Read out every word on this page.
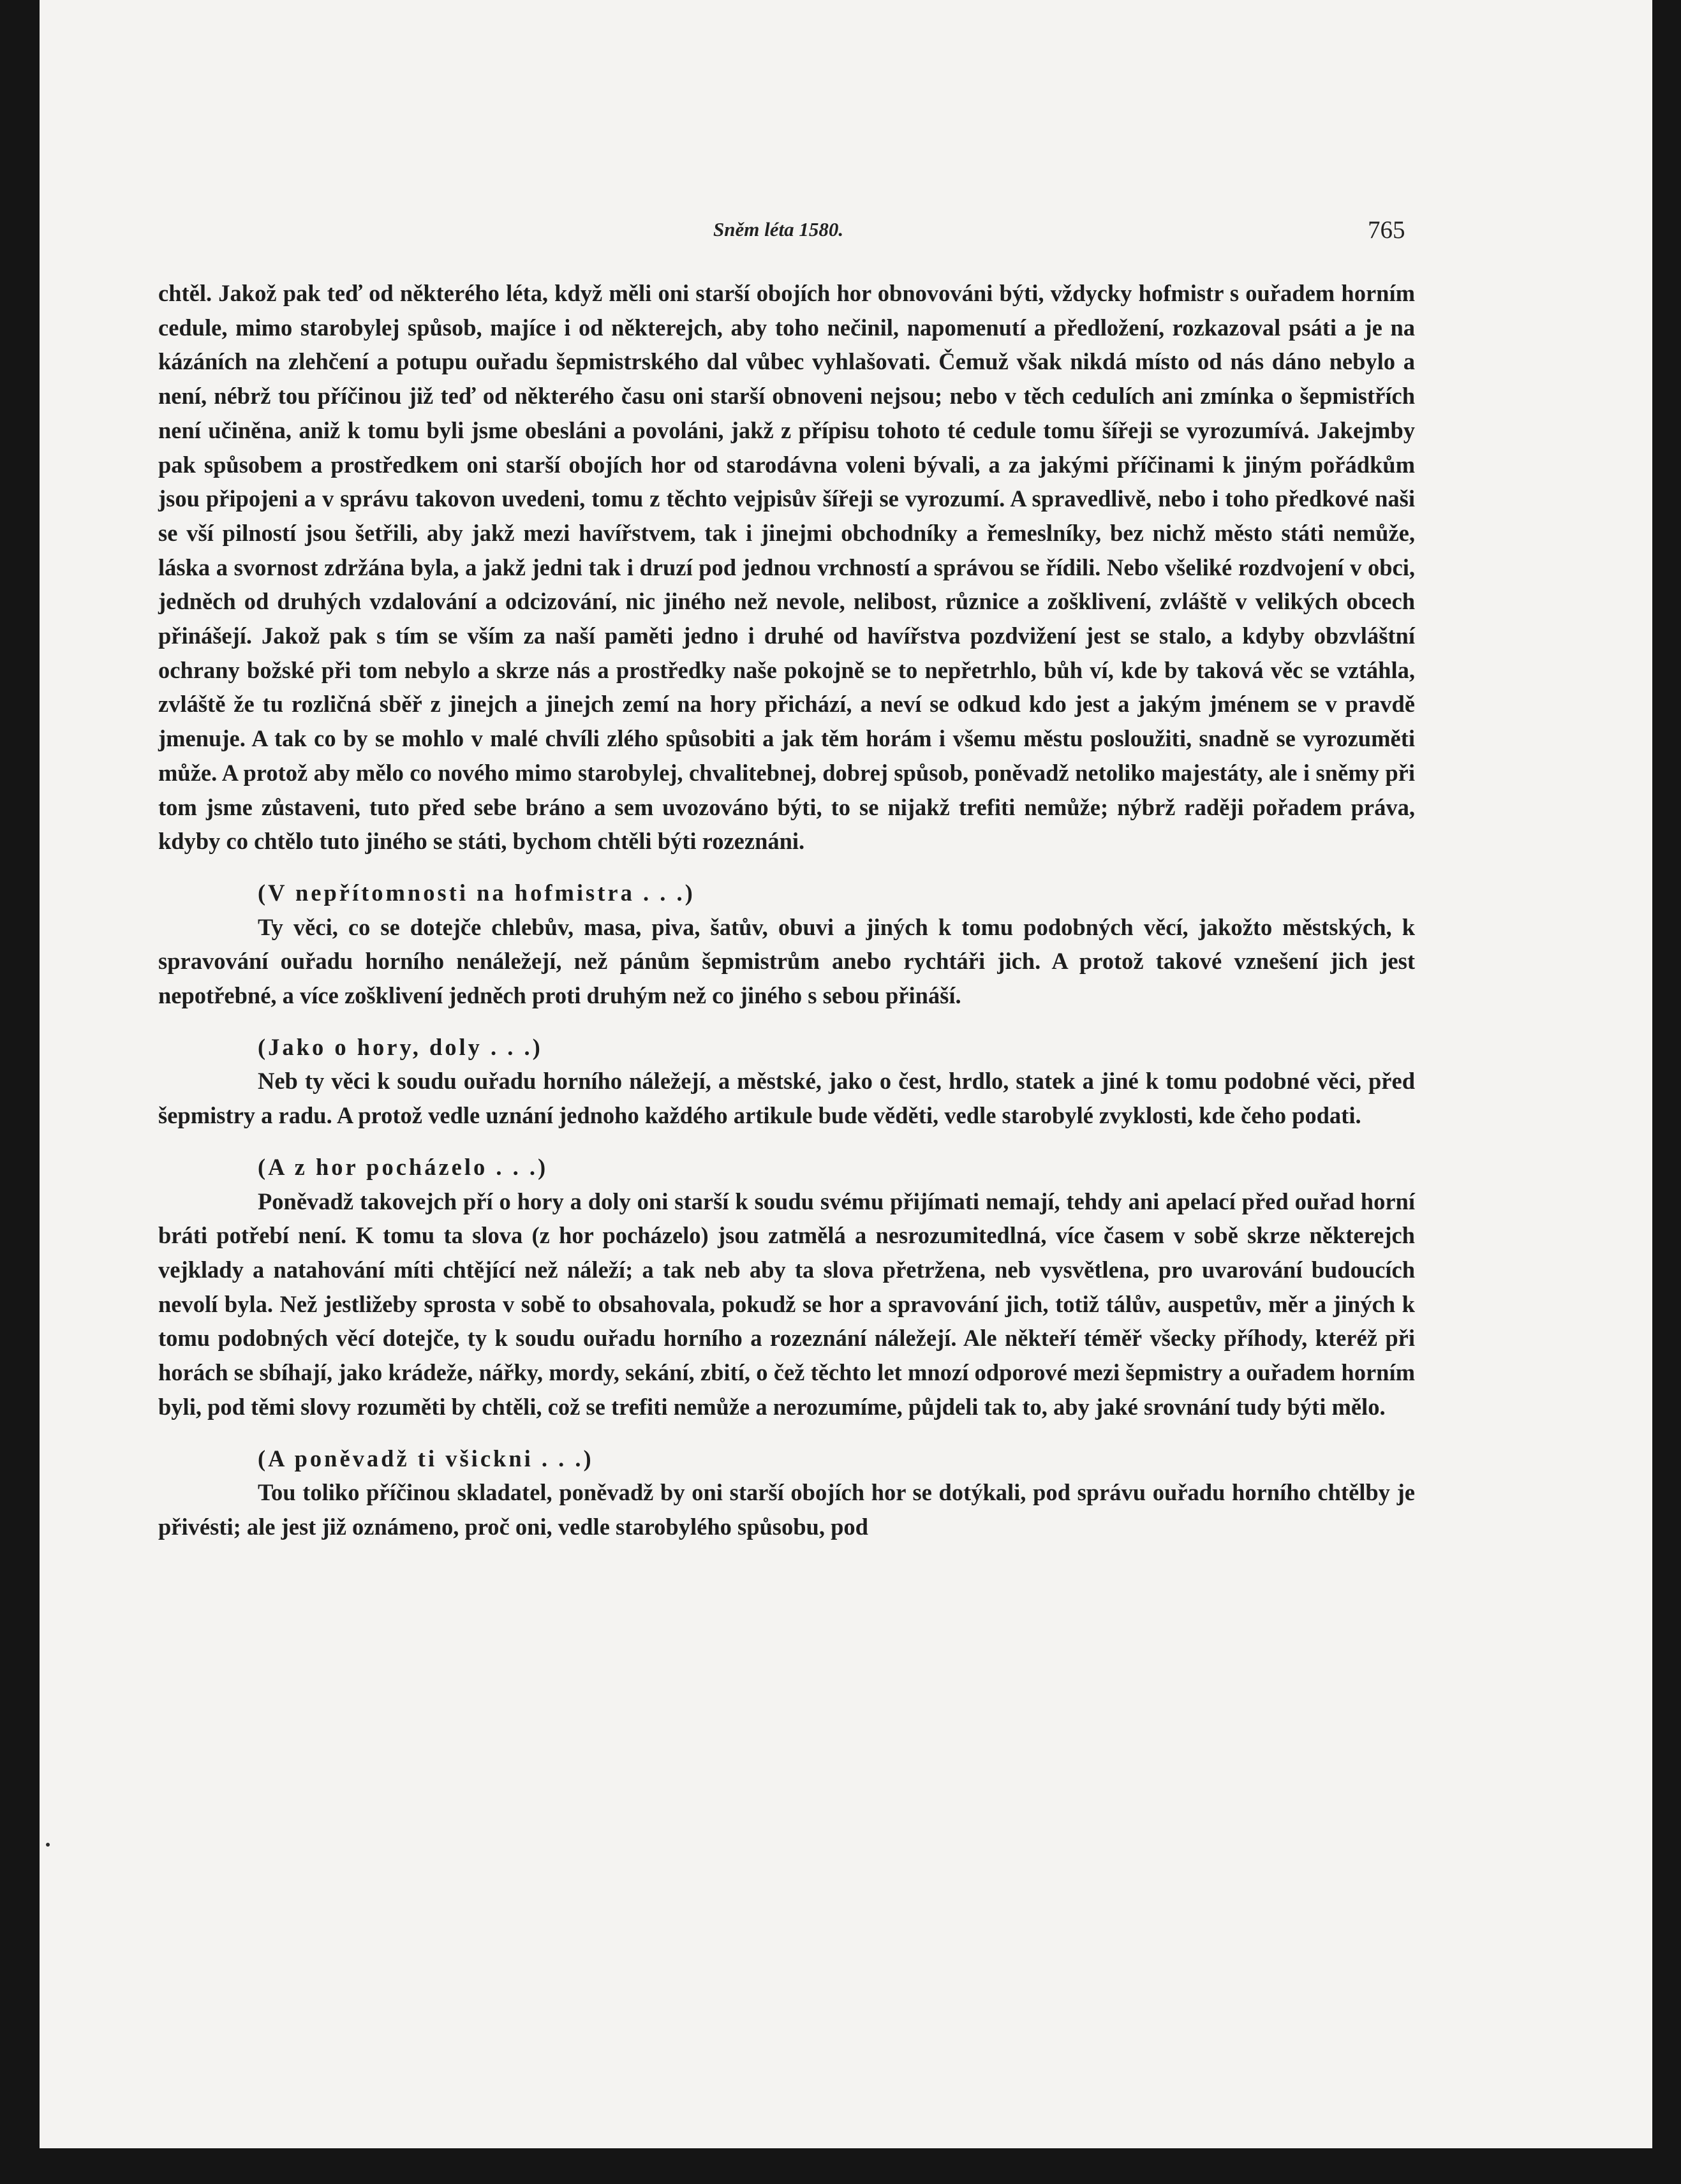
Sněm léta 1580.	765

chtěl. Jakož pak teď od některého léta, když měli oni starší obojích hor obnovováni býti, vždycky hofmistr s ouřadem horním cedule, mimo starobylej spůsob, majíce i od některejch, aby toho nečinil, napomenutí a předložení, rozkazoval psáti a je na kázáních na zlehčení a potupu ouřadu šepmistrského dal vůbec vyhlašovati. Čemuž však nikdá místo od nás dáno nebylo a není, nébrž tou příčinou již teď od některého času oni starší obnoveni nejsou; nebo v těch cedulích ani zmínka o šepmistřích není učiněna, aniž k tomu byli jsme obesláni a povoláni, jakž z přípisu tohoto té cedule tomu šířeji se vyrozumívá. Jakejmby pak spůsobem a prostředkem oni starší obojích hor od starodávna voleni bývali, a za jakými příčinami k jiným pořádkům jsou připojeni a v správu takovon uvedeni, tomu z těchto vejpisův šířeji se vyrozumí. A spravedlivě, nebo i toho předkové naši se vší pilností jsou šetřili, aby jakž mezi havířstvem, tak i jinejmi obchodníky a řemeslníky, bez nichž město státi nemůže, láska a svornost zdržána byla, a jakž jedni tak i druzí pod jednou vrchností a správou se řídili. Nebo všeliké rozdvojení v obci, jedněch od druhých vzdalování a odcizování, nic jiného než nevole, nelibost, různice a zošklivení, zvláště v velikých obcech přinášejí. Jakož pak s tím se vším za naší paměti jedno i druhé od havířstva pozdvižení jest se stalo, a kdyby obzvláštní ochrany božské při tom nebylo a skrze nás a prostředky naše pokojně se to nepřetrhlo, bůh ví, kde by taková věc se vztáhla, zvláště že tu rozličná sběř z jinejch a jinejch zemí na hory přichází, a neví se odkud kdo jest a jakým jménem se v pravdě jmenuje. A tak co by se mohlo v malé chvíli zlého spůsobiti a jak těm horám i všemu městu posloužiti, snadně se vyrozuměti může. A protož aby mělo co nového mimo starobylej, chvalitebnej, dobrej spůsob, poněvadž netoliko majestáty, ale i sněmy při tom jsme zůstaveni, tuto před sebe bráno a sem uvozováno býti, to se nijakž trefiti nemůže; nýbrž raději pořadem práva, kdyby co chtělo tuto jiného se státi, bychom chtěli býti rozeznáni.

(V nepřítomnosti na hofmistra . . .)

Ty věci, co se dotejče chlebův, masa, piva, šatův, obuvi a jiných k tomu podobných věcí, jakožto městských, k spravování ouřadu horního nenáležejí, než pánům šepmistrům anebo rychtáři jich. A protož takové vznešení jich jest nepotřebné, a více zošklivení jedněch proti druhým než co jiného s sebou přináší.

(Jako o hory, doly . . .)

Neb ty věci k soudu ouřadu horního náležejí, a městské, jako o čest, hrdlo, statek a jiné k tomu podobné věci, před šepmistry a radu. A protož vedle uznání jednoho každého artikule bude věděti, vedle starobylé zvyklosti, kde čeho podati.

(A z hor pocházelo . . .)

Poněvadž takovejch pří o hory a doly oni starší k soudu svému přijímati nemají, tehdy ani apelací před ouřad horní bráti potřebí není. K tomu ta slova (z hor pocházelo) jsou zatmělá a nesrozumitedlná, více časem v sobě skrze některejch vejklady a natahování míti chtějící než náleží; a tak neb aby ta slova přetržena, neb vysvětlena, pro uvarování budoucích nevolí byla. Než jestližeby sprosta v sobě to obsahovala, pokudž se hor a spravování jich, totiž tálův, auspetův, měr a jiných k tomu podobných věcí dotejče, ty k soudu ouřadu horního a rozeznání náležejí. Ale někteří téměř všecky příhody, kteréž při horách se sbíhají, jako krádeže, nářky, mordy, sekání, zbití, o čež těchto let mnozí odporové mezi šepmistry a ouřadem horním byli, pod těmi slovy rozuměti by chtěli, což se trefiti nemůže a nerozumíme, půjdeli tak to, aby jaké srovnání tudy býti mělo.

(A poněvadž ti všickni . . .)

Tou toliko příčinou skladatel, poněvadž by oni starší obojích hor se dotýkali, pod správu ouřadu horního chtělby je přivésti; ale jest již oznámeno, proč oni, vedle starobylého spůsobu, pod
